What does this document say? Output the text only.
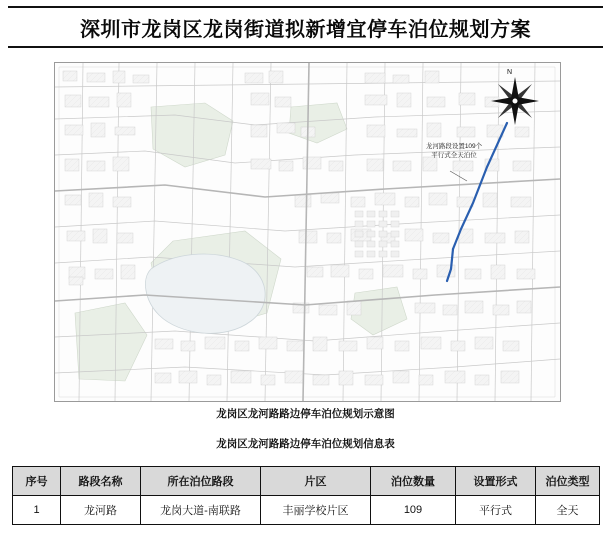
深圳市龙岗区龙岗街道拟新增宜停车泊位规划方案
N
龙河路段设置109个
平行式全天泊位
龙岗区龙河路路边停车泊位规划示意图
龙岗区龙河路路边停车泊位规划信息表
序号	路段名称	所在泊位路段	片区	泊位数量	设置形式	泊位类型
1	龙河路	龙岗大道-南联路	丰丽学校片区	109	平行式	全天
